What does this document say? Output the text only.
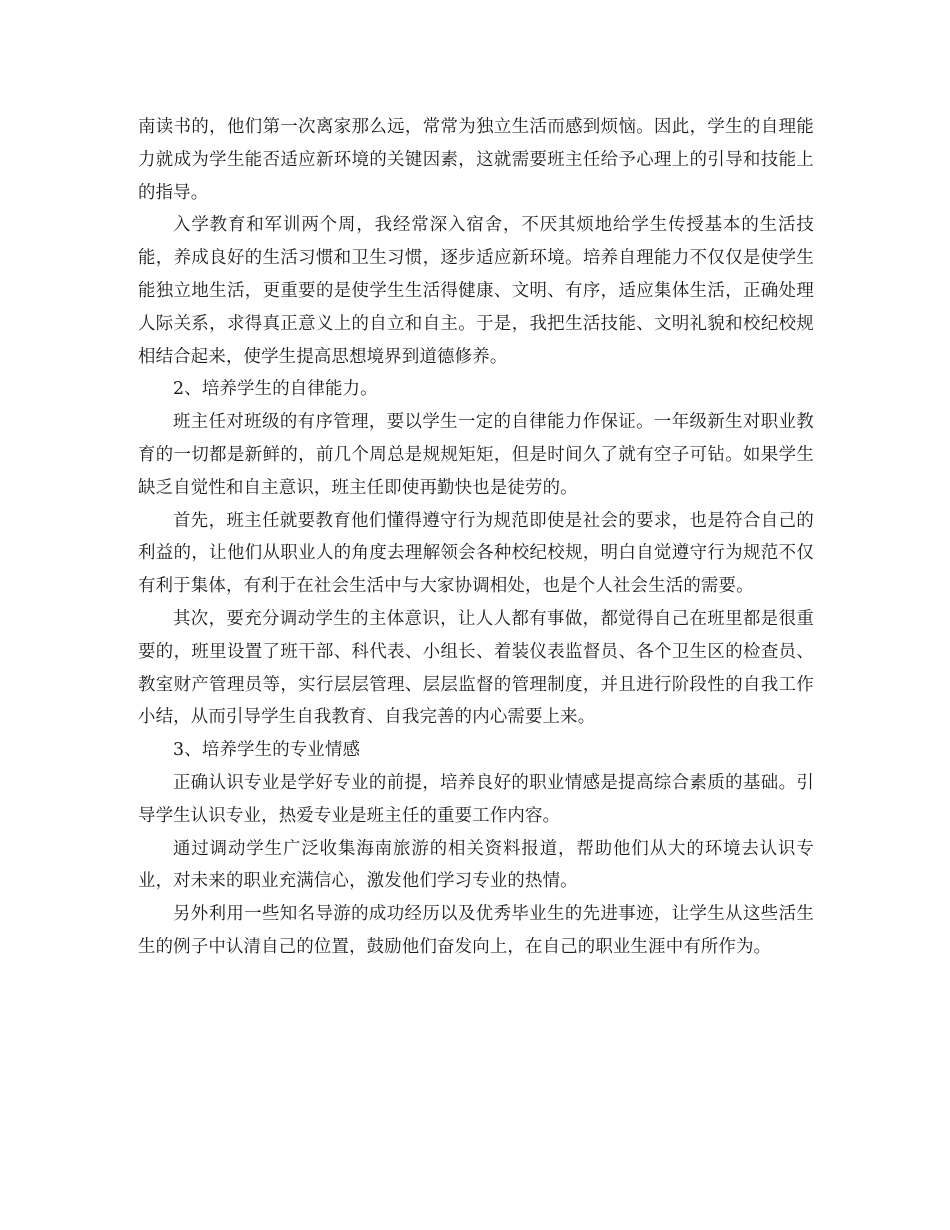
南读书的，他们第一次离家那么远，常常为独立生活而感到烦恼。因此，学生的自理能力就成为学生能否适应新环境的关键因素，这就需要班主任给予心理上的引导和技能上的指导。

入学教育和军训两个周，我经常深入宿舍，不厌其烦地给学生传授基本的生活技能，养成良好的生活习惯和卫生习惯，逐步适应新环境。培养自理能力不仅仅是使学生能独立地生活，更重要的是使学生生活得健康、文明、有序，适应集体生活，正确处理人际关系，求得真正意义上的自立和自主。于是，我把生活技能、文明礼貌和校纪校规相结合起来，使学生提高思想境界到道德修养。

2、培养学生的自律能力。

班主任对班级的有序管理，要以学生一定的自律能力作保证。一年级新生对职业教育的一切都是新鲜的，前几个周总是规规矩矩，但是时间久了就有空子可钻。如果学生缺乏自觉性和自主意识，班主任即使再勤快也是徒劳的。

首先，班主任就要教育他们懂得遵守行为规范即使是社会的要求，也是符合自己的利益的，让他们从职业人的角度去理解领会各种校纪校规，明白自觉遵守行为规范不仅有利于集体，有利于在社会生活中与大家协调相处，也是个人社会生活的需要。

其次，要充分调动学生的主体意识，让人人都有事做，都觉得自己在班里都是很重要的，班里设置了班干部、科代表、小组长、着装仪表监督员、各个卫生区的检查员、教室财产管理员等，实行层层管理、层层监督的管理制度，并且进行阶段性的自我工作小结，从而引导学生自我教育、自我完善的内心需要上来。

3、培养学生的专业情感

正确认识专业是学好专业的前提，培养良好的职业情感是提高综合素质的基础。引导学生认识专业，热爱专业是班主任的重要工作内容。

通过调动学生广泛收集海南旅游的相关资料报道，帮助他们从大的环境去认识专业，对未来的职业充满信心，激发他们学习专业的热情。

另外利用一些知名导游的成功经历以及优秀毕业生的先进事迹，让学生从这些活生生的例子中认清自己的位置，鼓励他们奋发向上，在自己的职业生涯中有所作为。
